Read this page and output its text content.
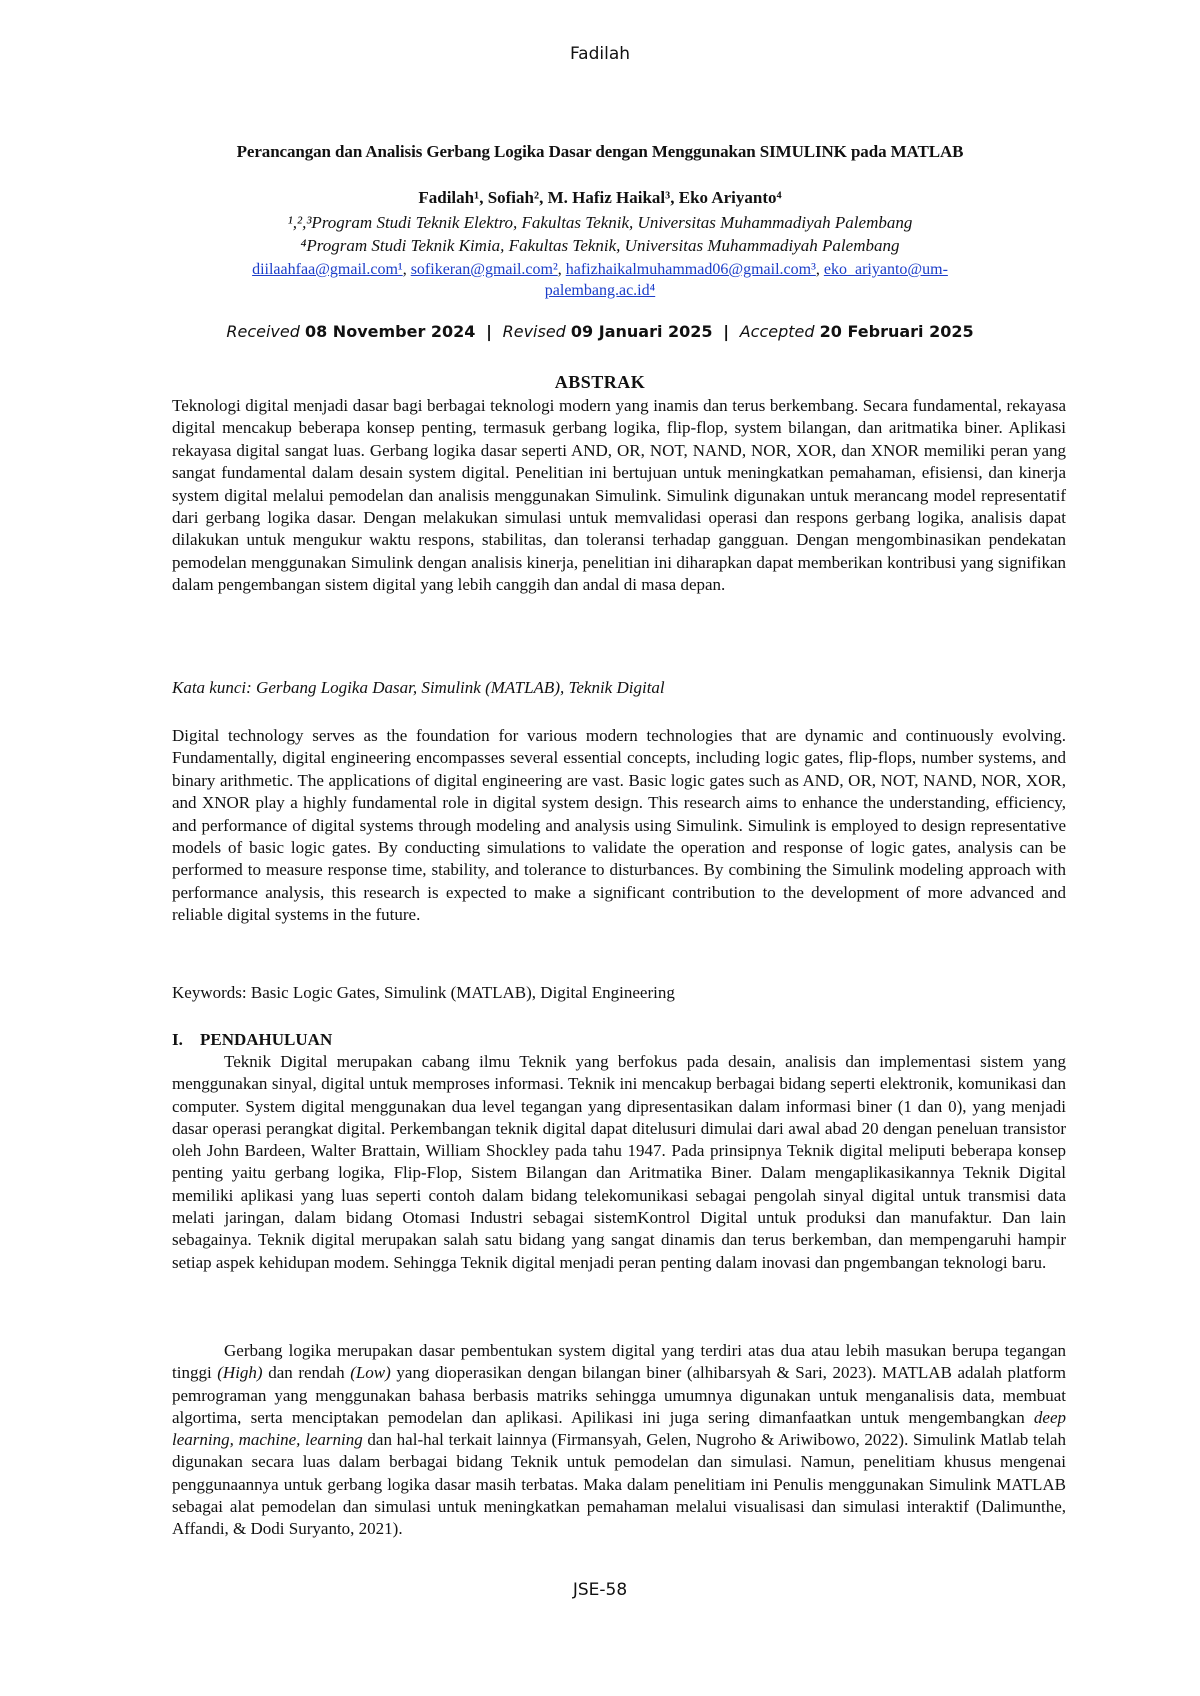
Fadilah
Perancangan dan Analisis Gerbang Logika Dasar dengan Menggunakan SIMULINK pada MATLAB
Fadilah¹, Sofiah², M. Hafiz Haikal³, Eko Ariyanto⁴
¹,²,³Program Studi Teknik Elektro, Fakultas Teknik, Universitas Muhammadiyah Palembang
⁴Program Studi Teknik Kimia, Fakultas Teknik, Universitas Muhammadiyah Palembang
diilaahfaa@gmail.com¹, sofikeran@gmail.com², hafizhaikalmuhammad06@gmail.com³, eko_ariyanto@um-palembang.ac.id⁴
Received 08 November 2024  |  Revised 09 Januari 2025  |  Accepted 20 Februari 2025
ABSTRAK
Teknologi digital menjadi dasar bagi berbagai teknologi modern yang inamis dan terus berkembang. Secara fundamental, rekayasa digital mencakup beberapa konsep penting, termasuk gerbang logika, flip-flop, system bilangan, dan aritmatika biner. Aplikasi rekayasa digital sangat luas. Gerbang logika dasar seperti AND, OR, NOT, NAND, NOR, XOR, dan XNOR memiliki peran yang sangat fundamental dalam desain system digital. Penelitian ini bertujuan untuk meningkatkan pemahaman, efisiensi, dan kinerja system digital melalui pemodelan dan analisis menggunakan Simulink. Simulink digunakan untuk merancang model representatif dari gerbang logika dasar. Dengan melakukan simulasi untuk memvalidasi operasi dan respons gerbang logika, analisis dapat dilakukan untuk mengukur waktu respons, stabilitas, dan toleransi terhadap gangguan. Dengan mengombinasikan pendekatan pemodelan menggunakan Simulink dengan analisis kinerja, penelitian ini diharapkan dapat memberikan kontribusi yang signifikan dalam pengembangan sistem digital yang lebih canggih dan andal di masa depan.
Kata kunci: Gerbang Logika Dasar, Simulink (MATLAB), Teknik Digital
Digital technology serves as the foundation for various modern technologies that are dynamic and continuously evolving. Fundamentally, digital engineering encompasses several essential concepts, including logic gates, flip-flops, number systems, and binary arithmetic. The applications of digital engineering are vast. Basic logic gates such as AND, OR, NOT, NAND, NOR, XOR, and XNOR play a highly fundamental role in digital system design. This research aims to enhance the understanding, efficiency, and performance of digital systems through modeling and analysis using Simulink. Simulink is employed to design representative models of basic logic gates. By conducting simulations to validate the operation and response of logic gates, analysis can be performed to measure response time, stability, and tolerance to disturbances. By combining the Simulink modeling approach with performance analysis, this research is expected to make a significant contribution to the development of more advanced and reliable digital systems in the future.
Keywords: Basic Logic Gates, Simulink (MATLAB), Digital Engineering
I. PENDAHULUAN
Teknik Digital merupakan cabang ilmu Teknik yang berfokus pada desain, analisis dan implementasi sistem yang menggunakan sinyal, digital untuk memproses informasi. Teknik ini mencakup berbagai bidang seperti elektronik, komunikasi dan computer. System digital menggunakan dua level tegangan yang dipresentasikan dalam informasi biner (1 dan 0), yang menjadi dasar operasi perangkat digital. Perkembangan teknik digital dapat ditelusuri dimulai dari awal abad 20 dengan peneluan transistor oleh John Bardeen, Walter Brattain, William Shockley pada tahu 1947. Pada prinsipnya Teknik digital meliputi beberapa konsep penting yaitu gerbang logika, Flip-Flop, Sistem Bilangan dan Aritmatika Biner. Dalam mengaplikasikannya Teknik Digital memiliki aplikasi yang luas seperti contoh dalam bidang telekomunikasi sebagai pengolah sinyal digital untuk transmisi data melati jaringan, dalam bidang Otomasi Industri sebagai sistemKontrol Digital untuk produksi dan manufaktur. Dan lain sebagainya. Teknik digital merupakan salah satu bidang yang sangat dinamis dan terus berkemban, dan mempengaruhi hampir setiap aspek kehidupan modem. Sehingga Teknik digital menjadi peran penting dalam inovasi dan pngembangan teknologi baru.
Gerbang logika merupakan dasar pembentukan system digital yang terdiri atas dua atau lebih masukan berupa tegangan tinggi (High) dan rendah (Low) yang dioperasikan dengan bilangan biner (alhibarsyah & Sari, 2023). MATLAB adalah platform pemrograman yang menggunakan bahasa berbasis matriks sehingga umumnya digunakan untuk menganalisis data, membuat algortima, serta menciptakan pemodelan dan aplikasi. Apilikasi ini juga sering dimanfaatkan untuk mengembangkan deep learning, machine, learning dan hal-hal terkait lainnya (Firmansyah, Gelen, Nugroho & Ariwibowo, 2022). Simulink Matlab telah digunakan secara luas dalam berbagai bidang Teknik untuk pemodelan dan simulasi. Namun, penelitiam khusus mengenai penggunaannya untuk gerbang logika dasar masih terbatas. Maka dalam penelitiam ini Penulis menggunakan Simulink MATLAB sebagai alat pemodelan dan simulasi untuk meningkatkan pemahaman melalui visualisasi dan simulasi interaktif (Dalimunthe, Affandi, & Dodi Suryanto, 2021).
JSE-58
